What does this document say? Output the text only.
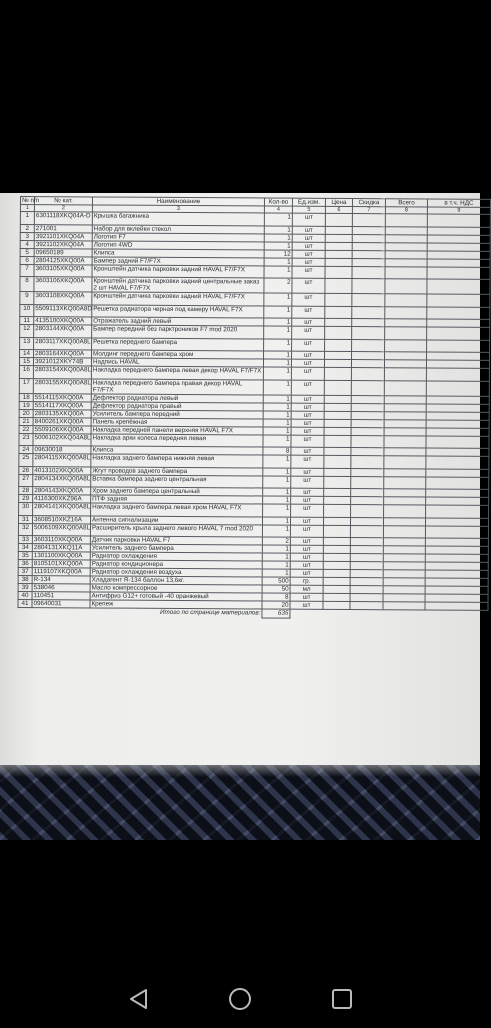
№ п/п	№ кат.	Наименование	Кол-во	Ед.изм.	Цена	Скидка	Всего	в т.ч. НДС
1	2	3	4	5	6	7	8	9
1	6301118XKQ04A-D	Крышка багажника	1	шт				
2	271001	Набор для вклейки стекол	1	шт				
3	3921101XKQ04A	Логотип F7	1	шт				
4	3921102XKQ04A	Логотип 4WD	1	шт				
5	09650189	Клипса	12	шт				
6	2804125XKQ00A	Бампер задний F7/F7X	1	шт				
7	3603105XKQ00A	Кронштейн датчика парковки задний HAVAL F7/F7X	1	шт				
8	3603106XKQ00A	Кронштейн датчика парковки задний центральные заказ 2 шт HAVAL F7/F7X	2	шт				
9	3603108XKQ00A	Кронштейн датчика парковки задний HAVAL F7/F7X	1	шт				
10	5509113XKQ00A8D	Решетка радиатора черная под камеру HAVAL F7X	1	шт				
11	4135100XKQ00A	Отражатель задний левый	1	шт				
12	2803144XKQ00A	Бампер передний без парктроников F7 mod 2020	1	шт				
13	2803117XKQ00A8L	Решетка переднего бампера	1	шт				
14	2803164XKQ00A	Молдинг переднего бампера хром	1	шт				
15	3921012XKY74B	Надпись HAVAL	1	шт				
16	2803154XKQ00A8L	Накладка переднего бампера левая декор HAVAL F7/F7X	1	шт				
17	2803155XKQ00A8L	Накладка переднего бампера правая декор HAVAL F7/F7X	1	шт				
18	5514115XKQ00A	Дефлектор радиатора левый	1	шт				
19	5514117XKQ00A	Дефлектор радиатора правый	1	шт				
20	2803135XKQ00A	Усилитель бампера передний	1	шт				
21	8400261XKQ00A	Панель крепёжная	1	шт				
22	5509106XKQ00A	Накладка передней панели верхняя HAVAL F7X	1	шт				
23	5006102XKQ04A8L	Накладка арки колеса передняя левая	1	шт				
24	09630018	Клипса	8	шт				
25	2804115XKQ00A8L	Накладка заднего бампера нижняя левая	1	шт				
26	4013102XKQ00A	Жгут проводов заднего бампера	1	шт				
27	2804134XKQ00A8L	Вставка бампера заднего центральная	1	шт				
28	2804143XKQ00A	Хром заднего бампера центральный	1	шт				
29	4116300XKZ96A	ПТФ задняя	1	шт				
30	2804141XKQ00A8L	Накладка заднего бампера левая хром HAVAL F7X	1	шт				
31	3608510XKZ16A	Антенна сигнализации	1	шт				
32	5006109XKQ00A8L	Расширитель крыла заднего левого HAVAL 7 mod 2020	1	шт				
33	3603110XKQ00A	Датчик парковки HAVAL F7	2	шт				
34	2804131XKQ11A	Усилитель заднего бампера	1	шт				
35	1301100XKQ00A	Радиатор охлаждения	1	шт				
36	8105101XKQ00A	Радиатор кондиционера	1	шт				
37	1119107XKQ00A	Радиатор охлаждения воздуха	1	шт				
38	R-134	Хладагент R-134 баллон 13,6кг.	500	гр.				
39	538046	Масло компрессорное	50	мл				
40	110451	Антифриз G12+ готовый -40 оранжевый	8	шт				
41	09640031	Крепеж	20	шт				
		Итого по странице материалов:	635					
